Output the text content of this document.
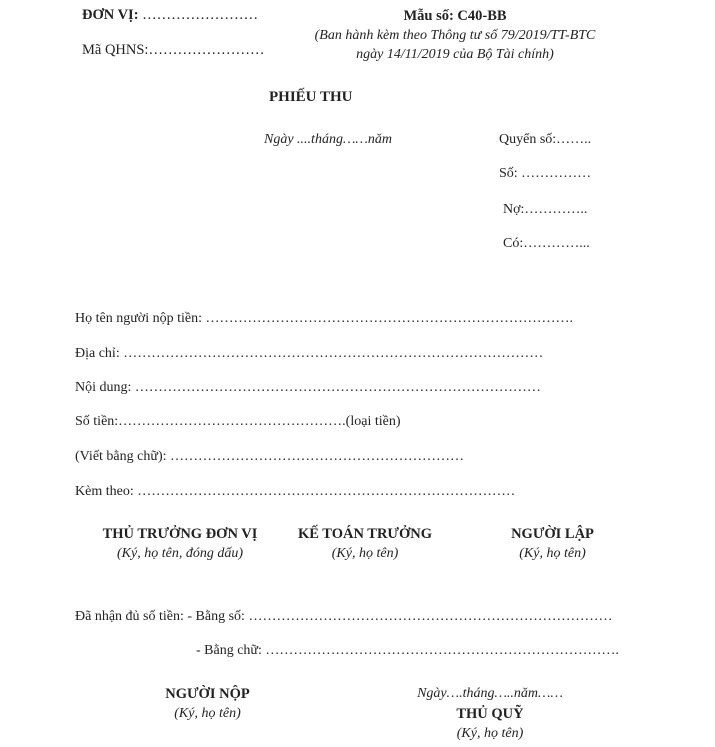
ĐƠN VỊ: ……………………
Mã QHNS:……………………
Mẫu số: C40-BB
(Ban hành kèm theo Thông tư số 79/2019/TT-BTC
ngày 14/11/2019 của Bộ Tài chính)
PHIẾU THU
Ngày ....tháng……năm	Quyển số:……..
Số: ……………
Nợ:…………..
Có:…………...
Họ tên người nộp tiền: …………………………………………………………………….
Địa chỉ: ………………………………………………………………………………
Nội dung: ……………………………………………………………………………
Số tiền:………………………………………….(loại tiền)
(Viết bằng chữ): ………………………………………………………
Kèm theo: ………………………………………………………………………
THỦ TRƯỞNG ĐƠN VỊ
(Ký, họ tên, đóng dấu)
KẾ TOÁN TRƯỞNG
(Ký, họ tên)
NGƯỜI LẬP
(Ký, họ tên)
Đã nhận đủ số tiền: - Bằng số: ……………………………………………………………………
- Bằng chữ: ………………………………………………………………….
NGƯỜI NỘP
(Ký, họ tên)
Ngày….tháng…..năm……
THỦ QUỸ
(Ký, họ tên)
